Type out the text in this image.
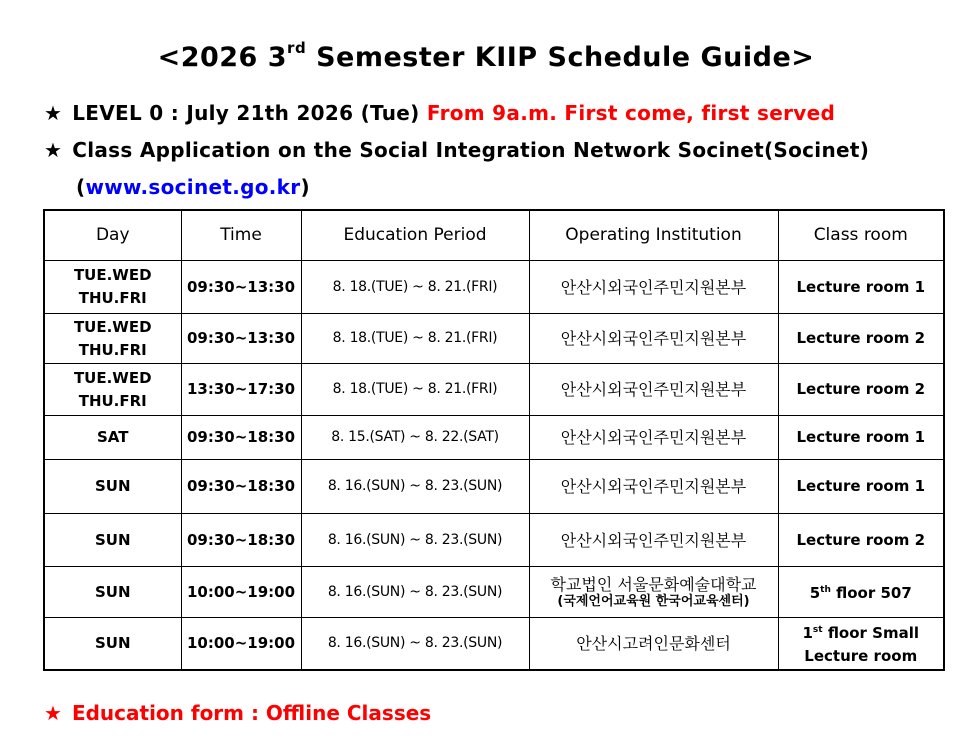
<2026 3rd Semester KIIP Schedule Guide>
★ LEVEL 0 : July 21th 2026 (Tue) From 9a.m. First come, first served
★ Class Application on the Social Integration Network Socinet(Socinet)
(www.socinet.go.kr)
Day	Time	Education Period	Operating Institution	Class room

TUE.WED
THU.FRI	09:30~13:30	8. 18.(TUE) ~ 8. 21.(FRI)	안산시외국인주민지원본부	Lecture room 1

TUE.WED
THU.FRI	09:30~13:30	8. 18.(TUE) ~ 8. 21.(FRI)	안산시외국인주민지원본부	Lecture room 2

TUE.WED
THU.FRI	13:30~17:30	8. 18.(TUE) ~ 8. 21.(FRI)	안산시외국인주민지원본부	Lecture room 2

SAT	09:30~18:30	8. 15.(SAT) ~ 8. 22.(SAT)	안산시외국인주민지원본부	Lecture room 1

SUN	09:30~18:30	8. 16.(SUN) ~ 8. 23.(SUN)	안산시외국인주민지원본부	Lecture room 1

SUN	09:30~18:30	8. 16.(SUN) ~ 8. 23.(SUN)	안산시외국인주민지원본부	Lecture room 2

SUN	10:00~19:00	8. 16.(SUN) ~ 8. 23.(SUN)	학교법인 서울문화예술대학교
(국제언어교육원 한국어교육센터)	5th floor 507

SUN	10:00~19:00	8. 16.(SUN) ~ 8. 23.(SUN)	안산시고려인문화센터	1st floor Small Lecture room
★ Education form : Offline Classes
